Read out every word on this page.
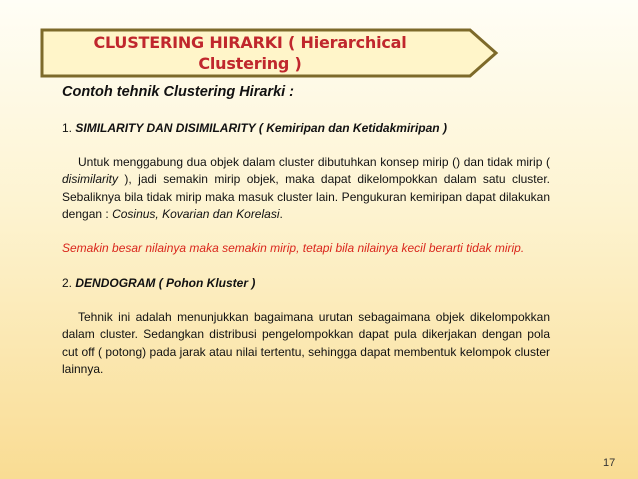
CLUSTERING HIRARKI ( Hierarchical
Clustering )
Contoh tehnik Clustering Hirarki :

1. SIMILARITY DAN DISIMILARITY ( Kemiripan dan Ketidakmiripan )

Untuk menggabung dua objek dalam cluster dibutuhkan konsep mirip () dan tidak mirip ( disimilarity ), jadi semakin mirip objek, maka dapat dikelompokkan dalam satu cluster. Sebaliknya bila tidak mirip maka masuk cluster lain. Pengukuran kemiripan dapat dilakukan dengan : Cosinus, Kovarian dan Korelasi.

Semakin besar nilainya maka semakin mirip, tetapi bila nilainya kecil berarti tidak mirip.

2. DENDOGRAM ( Pohon Kluster )

Tehnik ini adalah menunjukkan bagaimana urutan sebagaimana objek dikelompokkan dalam cluster. Sedangkan distribusi pengelompokkan dapat pula dikerjakan dengan pola cut off ( potong) pada jarak atau nilai tertentu, sehingga dapat membentuk kelompok cluster lainnya.

17
